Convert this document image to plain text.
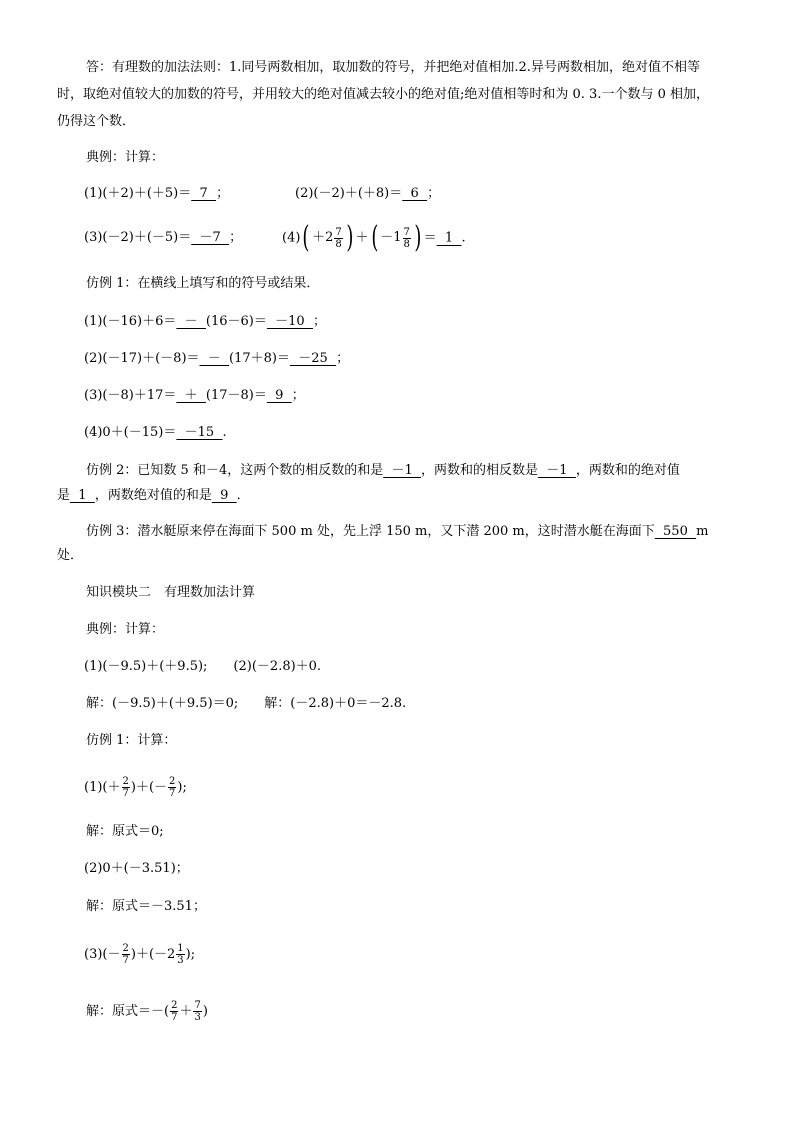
答：有理数的加法法则：1.同号两数相加，取加数的符号，并把绝对值相加.2.异号两数相加，绝对值不相等
时，取绝对值较大的加数的符号，并用较大的绝对值减去较小的绝对值;绝对值相等时和为 0. 3.一个数与 0 相加，
仍得这个数．
典例：计算：
(1)(＋2)＋(＋5)＝  7  ；	(2)(－2)＋(＋8)＝  6  ；
(3)(－2)＋(－5)＝  －7  ；	$(4)( +2 \frac{7}{8}$ ) ＋( $-1 \frac{7}{8}$ ) ＝  1  .
仿例 1：在横线上填写和的符号或结果．
(1)(－16)＋6＝  －  (16－6)＝  －10  ；
(2)(－17)＋(－8)＝  －  (17＋8)＝  －25  ；
(3)(－8)＋17＝  ＋  (17－8)＝  9  ；
(4)0＋(－15)＝  －15  .
仿例 2：已知数 5 和－4，这两个数的相反数的和是  －1  ，两数和的相反数是  －1  ，两数和的绝对值
是  1  ，两数绝对值的和是  9  ．
仿例 3：潜水艇原来停在海面下 500 m 处，先上浮 150 m，又下潜 200 m，这时潜水艇在海面下  550  m
处．
知识模块二　有理数加法计算
典例：计算：
(1)(－9.5)＋(＋9.5);　　(2)(－2.8)＋0.
解：(－9.5)＋(＋9.5)＝0;　　解：(－2.8)＋0＝－2.8.
仿例 1：计算：
$(1)(+ \frac{2}{7}$ )＋(－ $\frac{2}{7}$ );
解：原式＝0;
(2)0＋(－3.51)；
解：原式＝－3.51；
$(3)(- \frac{2}{7} )+(-2 \frac{1}{3}$ );
解：原式＝－( $\frac{2}{7} + \frac{7}{3}$ )
